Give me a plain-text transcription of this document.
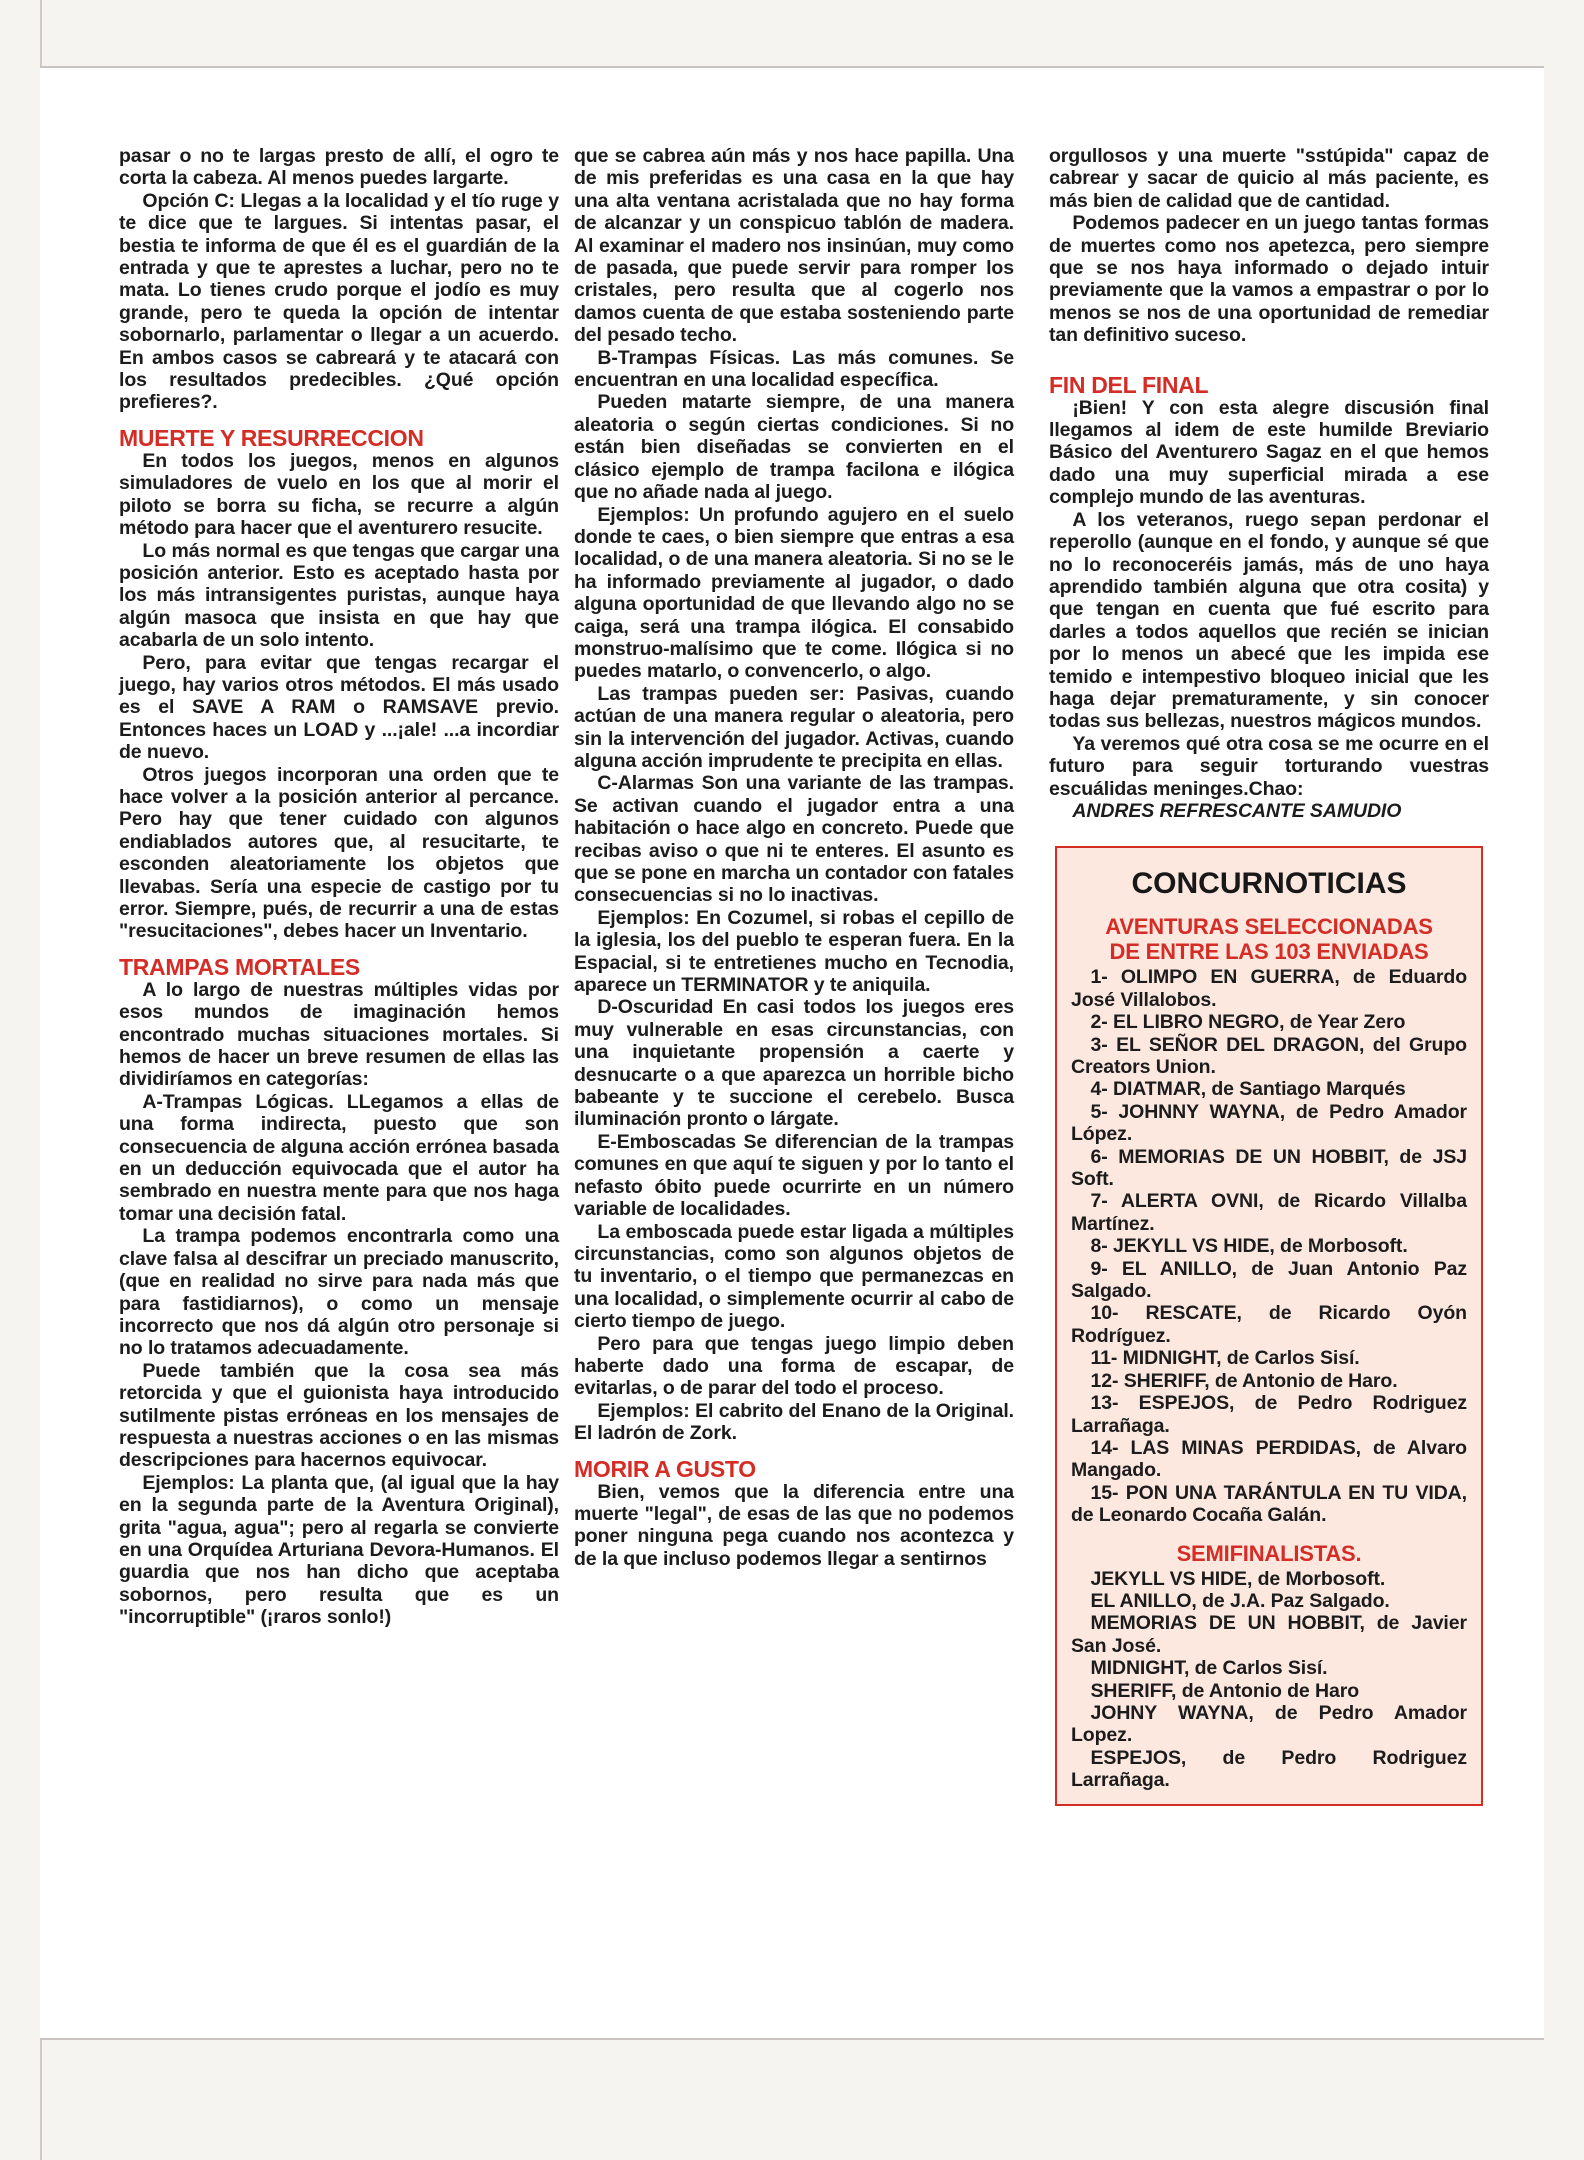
pasar o no te largas presto de allí, el ogro te corta la cabeza. Al menos puedes largarte.

Opción C: Llegas a la localidad y el tío ruge y te dice que te largues. Si intentas pasar, el bestia te informa de que él es el guardián de la entrada y que te aprestes a luchar, pero no te mata. Lo tienes crudo porque el jodío es muy grande, pero te queda la opción de intentar sobornarlo, parlamentar o llegar a un acuerdo. En ambos casos se cabreará y te atacará con los resultados predecibles. ¿Qué opción prefieres?.

MUERTE Y RESURRECCION

En todos los juegos, menos en algunos simuladores de vuelo en los que al morir el piloto se borra su ficha, se recurre a algún método para hacer que el aventurero resucite.

Lo más normal es que tengas que cargar una posición anterior. Esto es aceptado hasta por los más intransigentes puristas, aunque haya algún masoca que insista en que hay que acabarla de un solo intento.

Pero, para evitar que tengas recargar el juego, hay varios otros métodos. El más usado es el SAVE A RAM o RAMSAVE previo. Entonces haces un LOAD y ...¡ale! ...a incordiar de nuevo.

Otros juegos incorporan una orden que te hace volver a la posición anterior al percance. Pero hay que tener cuidado con algunos endiablados autores que, al resucitarte, te esconden aleatoriamente los objetos que llevabas. Sería una especie de castigo por tu error. Siempre, pués, de recurrir a una de estas "resucitaciones", debes hacer un Inventario.

TRAMPAS MORTALES

A lo largo de nuestras múltiples vidas por esos mundos de imaginación hemos encontrado muchas situaciones mortales. Si hemos de hacer un breve resumen de ellas las dividiríamos en categorías:

A-Trampas Lógicas. LLegamos a ellas de una forma indirecta, puesto que son consecuencia de alguna acción errónea basada en un deducción equivocada que el autor ha sembrado en nuestra mente para que nos haga tomar una decisión fatal.

La trampa podemos encontrarla como una clave falsa al descifrar un preciado manuscrito, (que en realidad no sirve para nada más que para fastidiarnos), o como un mensaje incorrecto que nos dá algún otro personaje si no lo tratamos adecuadamente.

Puede también que la cosa sea más retorcida y que el guionista haya introducido sutilmente pistas erróneas en los mensajes de respuesta a nuestras acciones o en las mismas descripciones para hacernos equivocar.

Ejemplos: La planta que, (al igual que la hay en la segunda parte de la Aventura Original), grita "agua, agua"; pero al regarla se convierte en una Orquídea Arturiana Devora-Humanos. El guardia que nos han dicho que aceptaba sobornos, pero resulta que es un "incorruptible" (¡raros sonlo!)

que se cabrea aún más y nos hace papilla. Una de mis preferidas es una casa en la que hay una alta ventana acristalada que no hay forma de alcanzar y un conspicuo tablón de madera. Al examinar el madero nos insinúan, muy como de pasada, que puede servir para romper los cristales, pero resulta que al cogerlo nos damos cuenta de que estaba sosteniendo parte del pesado techo.

B-Trampas Físicas. Las más comunes. Se encuentran en una localidad específica.

Pueden matarte siempre, de una manera aleatoria o según ciertas condiciones. Si no están bien diseñadas se convierten en el clásico ejemplo de trampa facilona e ilógica que no añade nada al juego.

Ejemplos: Un profundo agujero en el suelo donde te caes, o bien siempre que entras a esa localidad, o de una manera aleatoria. Si no se le ha informado previamente al jugador, o dado alguna oportunidad de que llevando algo no se caiga, será una trampa ilógica. El consabido monstruo-malísimo que te come. Ilógica si no puedes matarlo, o convencerlo, o algo.

Las trampas pueden ser: Pasivas, cuando actúan de una manera regular o aleatoria, pero sin la intervención del jugador. Activas, cuando alguna acción imprudente te precipita en ellas.

C-Alarmas Son una variante de las trampas. Se activan cuando el jugador entra a una habitación o hace algo en concreto. Puede que recibas aviso o que ni te enteres. El asunto es que se pone en marcha un contador con fatales consecuencias si no lo inactivas.

Ejemplos: En Cozumel, si robas el cepillo de la iglesia, los del pueblo te esperan fuera. En la Espacial, si te entretienes mucho en Tecnodia, aparece un TERMINATOR y te aniquila.

D-Oscuridad En casi todos los juegos eres muy vulnerable en esas circunstancias, con una inquietante propensión a caerte y desnucarte o a que aparezca un horrible bicho babeante y te succione el cerebelo. Busca iluminación pronto o lárgate.

E-Emboscadas Se diferencian de la trampas comunes en que aquí te siguen y por lo tanto el nefasto óbito puede ocurrirte en un número variable de localidades.

La emboscada puede estar ligada a múltiples circunstancias, como son algunos objetos de tu inventario, o el tiempo que permanezcas en una localidad, o simplemente ocurrir al cabo de cierto tiempo de juego.

Pero para que tengas juego limpio deben haberte dado una forma de escapar, de evitarlas, o de parar del todo el proceso.

Ejemplos: El cabrito del Enano de la Original. El ladrón de Zork.

MORIR A GUSTO

Bien, vemos que la diferencia entre una muerte "legal", de esas de las que no podemos poner ninguna pega cuando nos acontezca y de la que incluso podemos llegar a sentirnos

orgullosos y una muerte "sstúpida" capaz de cabrear y sacar de quicio al más paciente, es más bien de calidad que de cantidad.

Podemos padecer en un juego tantas formas de muertes como nos apetezca, pero siempre que se nos haya informado o dejado intuir previamente que la vamos a empastrar o por lo menos se nos de una oportunidad de remediar tan definitivo suceso.

FIN DEL FINAL

¡Bien! Y con esta alegre discusión final llegamos al idem de este humilde Breviario Básico del Aventurero Sagaz en el que hemos dado una muy superficial mirada a ese complejo mundo de las aventuras.

A los veteranos, ruego sepan perdonar el reperollo (aunque en el fondo, y aunque sé que no lo reconoceréis jamás, más de uno haya aprendido también alguna que otra cosita) y que tengan en cuenta que fué escrito para darles a todos aquellos que recién se inician por lo menos un abecé que les impida ese temido e intempestivo bloqueo inicial que les haga dejar prematuramente, y sin conocer todas sus bellezas, nuestros mágicos mundos.

Ya veremos qué otra cosa se me ocurre en el futuro para seguir torturando vuestras escuálidas meninges.Chao:

ANDRES REFRESCANTE SAMUDIO

CONCURNOTICIAS
AVENTURAS SELECCIONADAS
DE ENTRE LAS 103 ENVIADAS
1- OLIMPO EN GUERRA, de Eduardo José Villalobos.
2- EL LIBRO NEGRO, de Year Zero
3- EL SEÑOR DEL DRAGON, del Grupo Creators Union.
4- DIATMAR, de Santiago Marqués
5- JOHNNY WAYNA, de Pedro Amador López.
6- MEMORIAS DE UN HOBBIT, de JSJ Soft.
7- ALERTA OVNI, de Ricardo Villalba Martínez.
8- JEKYLL VS HIDE, de Morbosoft.
9- EL ANILLO, de Juan Antonio Paz Salgado.
10- RESCATE, de Ricardo Oyón Rodríguez.
11- MIDNIGHT, de Carlos Sisí.
12- SHERIFF, de Antonio de Haro.
13- ESPEJOS, de Pedro Rodriguez Larrañaga.
14- LAS MINAS PERDIDAS, de Alvaro Mangado.
15- PON UNA TARÁNTULA EN TU VIDA, de Leonardo Cocaña Galán.
SEMIFINALISTAS.
JEKYLL VS HIDE, de Morbosoft.
EL ANILLO, de J.A. Paz Salgado.
MEMORIAS DE UN HOBBIT, de Javier San José.
MIDNIGHT, de Carlos Sisí.
SHERIFF, de Antonio de Haro
JOHNY WAYNA, de Pedro Amador Lopez.
ESPEJOS, de Pedro Rodriguez Larrañaga.
